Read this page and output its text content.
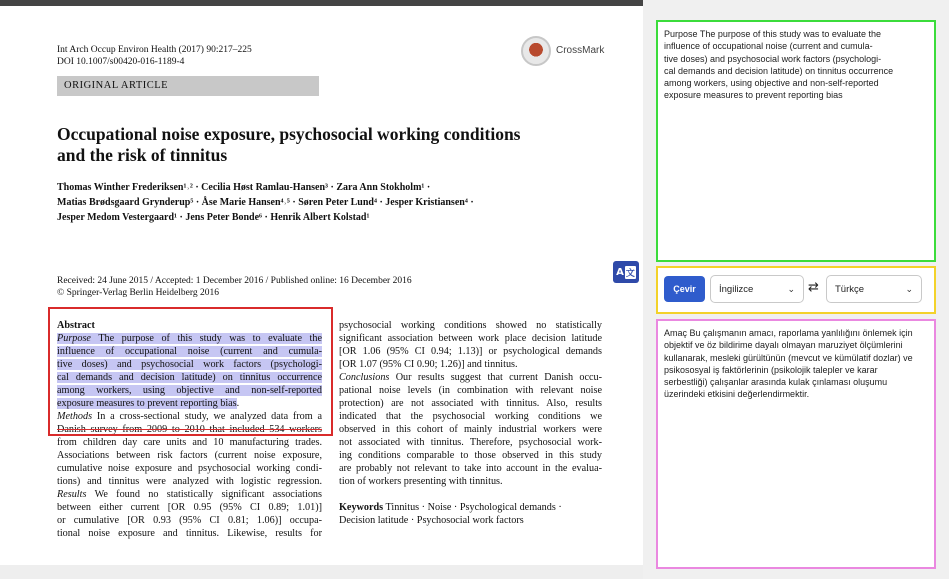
Int Arch Occup Environ Health (2017) 90:217–225
DOI 10.1007/s00420-016-1189-4
CrossMark
ORIGINAL ARTICLE
Occupational noise exposure, psychosocial working conditions
and the risk of tinnitus
Thomas Winther Frederiksen¹˒² · Cecilia Høst Ramlau-Hansen³ · Zara Ann Stokholm¹ ·
Matias Brødsgaard Grynderup⁵ · Åse Marie Hansen⁴˒⁵ · Søren Peter Lund⁴ · Jesper Kristiansen⁴ ·
Jesper Medom Vestergaard¹ · Jens Peter Bonde⁶ · Henrik Albert Kolstad¹
Received: 24 June 2015 / Accepted: 1 December 2016 / Published online: 16 December 2016
© Springer-Verlag Berlin Heidelberg 2016
Abstract
Purpose The purpose of this study was to evaluate the
influence of occupational noise (current and cumula-
tive doses) and psychosocial work factors (psychologi-
cal demands and decision latitude) on tinnitus occurrence
among workers, using objective and non-self-reported
exposure measures to prevent reporting bias.
Methods In a cross-sectional study, we analyzed data from a
Danish survey from 2009 to 2010 that included 534 workers
from children day care units and 10 manufacturing trades.
Associations between risk factors (current noise exposure,
cumulative noise exposure and psychosocial working condi-
tions) and tinnitus were analyzed with logistic regression.
Results We found no statistically significant associations
between either current [OR 0.95 (95% CI 0.89; 1.01)]
or cumulative [OR 0.93 (95% CI 0.81; 1.06)] occupa-
tional noise exposure and tinnitus. Likewise, results for
psychosocial working conditions showed no statistically
significant association between work place decision latitude
[OR 1.06 (95% CI 0.94; 1.13)] or psychological demands
[OR 1.07 (95% CI 0.90; 1.26)] and tinnitus.
Conclusions Our results suggest that current Danish occu-
pational noise levels (in combination with relevant noise
protection) are not associated with tinnitus. Also, results
indicated that the psychosocial working conditions we
observed in this cohort of mainly industrial workers were
not associated with tinnitus. Therefore, psychosocial work-
ing conditions comparable to those observed in this study
are probably not relevant to take into account in the evalua-
tion of workers presenting with tinnitus.
Keywords Tinnitus · Noise · Psychological demands ·
Decision latitude · Psychosocial work factors
A 文
Purpose The purpose of this study was to evaluate the
influence of occupational noise (current and cumula-
tive doses) and psychosocial work factors (psychologi-
cal demands and decision latitude) on tinnitus occurrence
among workers, using objective and non-self-reported
exposure measures to prevent reporting bias
Çevir	İngilizce	⌄ ⇄	Türkçe	⌄
Amaç Bu çalışmanın amacı, raporlama yanlılığını önlemek için
objektif ve öz bildirime dayalı olmayan maruziyet ölçümlerini
kullanarak, mesleki gürültünün (mevcut ve kümülatif dozlar) ve
psikososyal iş faktörlerinin (psikolojik talepler ve karar
serbestliği) çalışanlar arasında kulak çınlaması oluşumu
üzerindeki etkisini değerlendirmektir.
